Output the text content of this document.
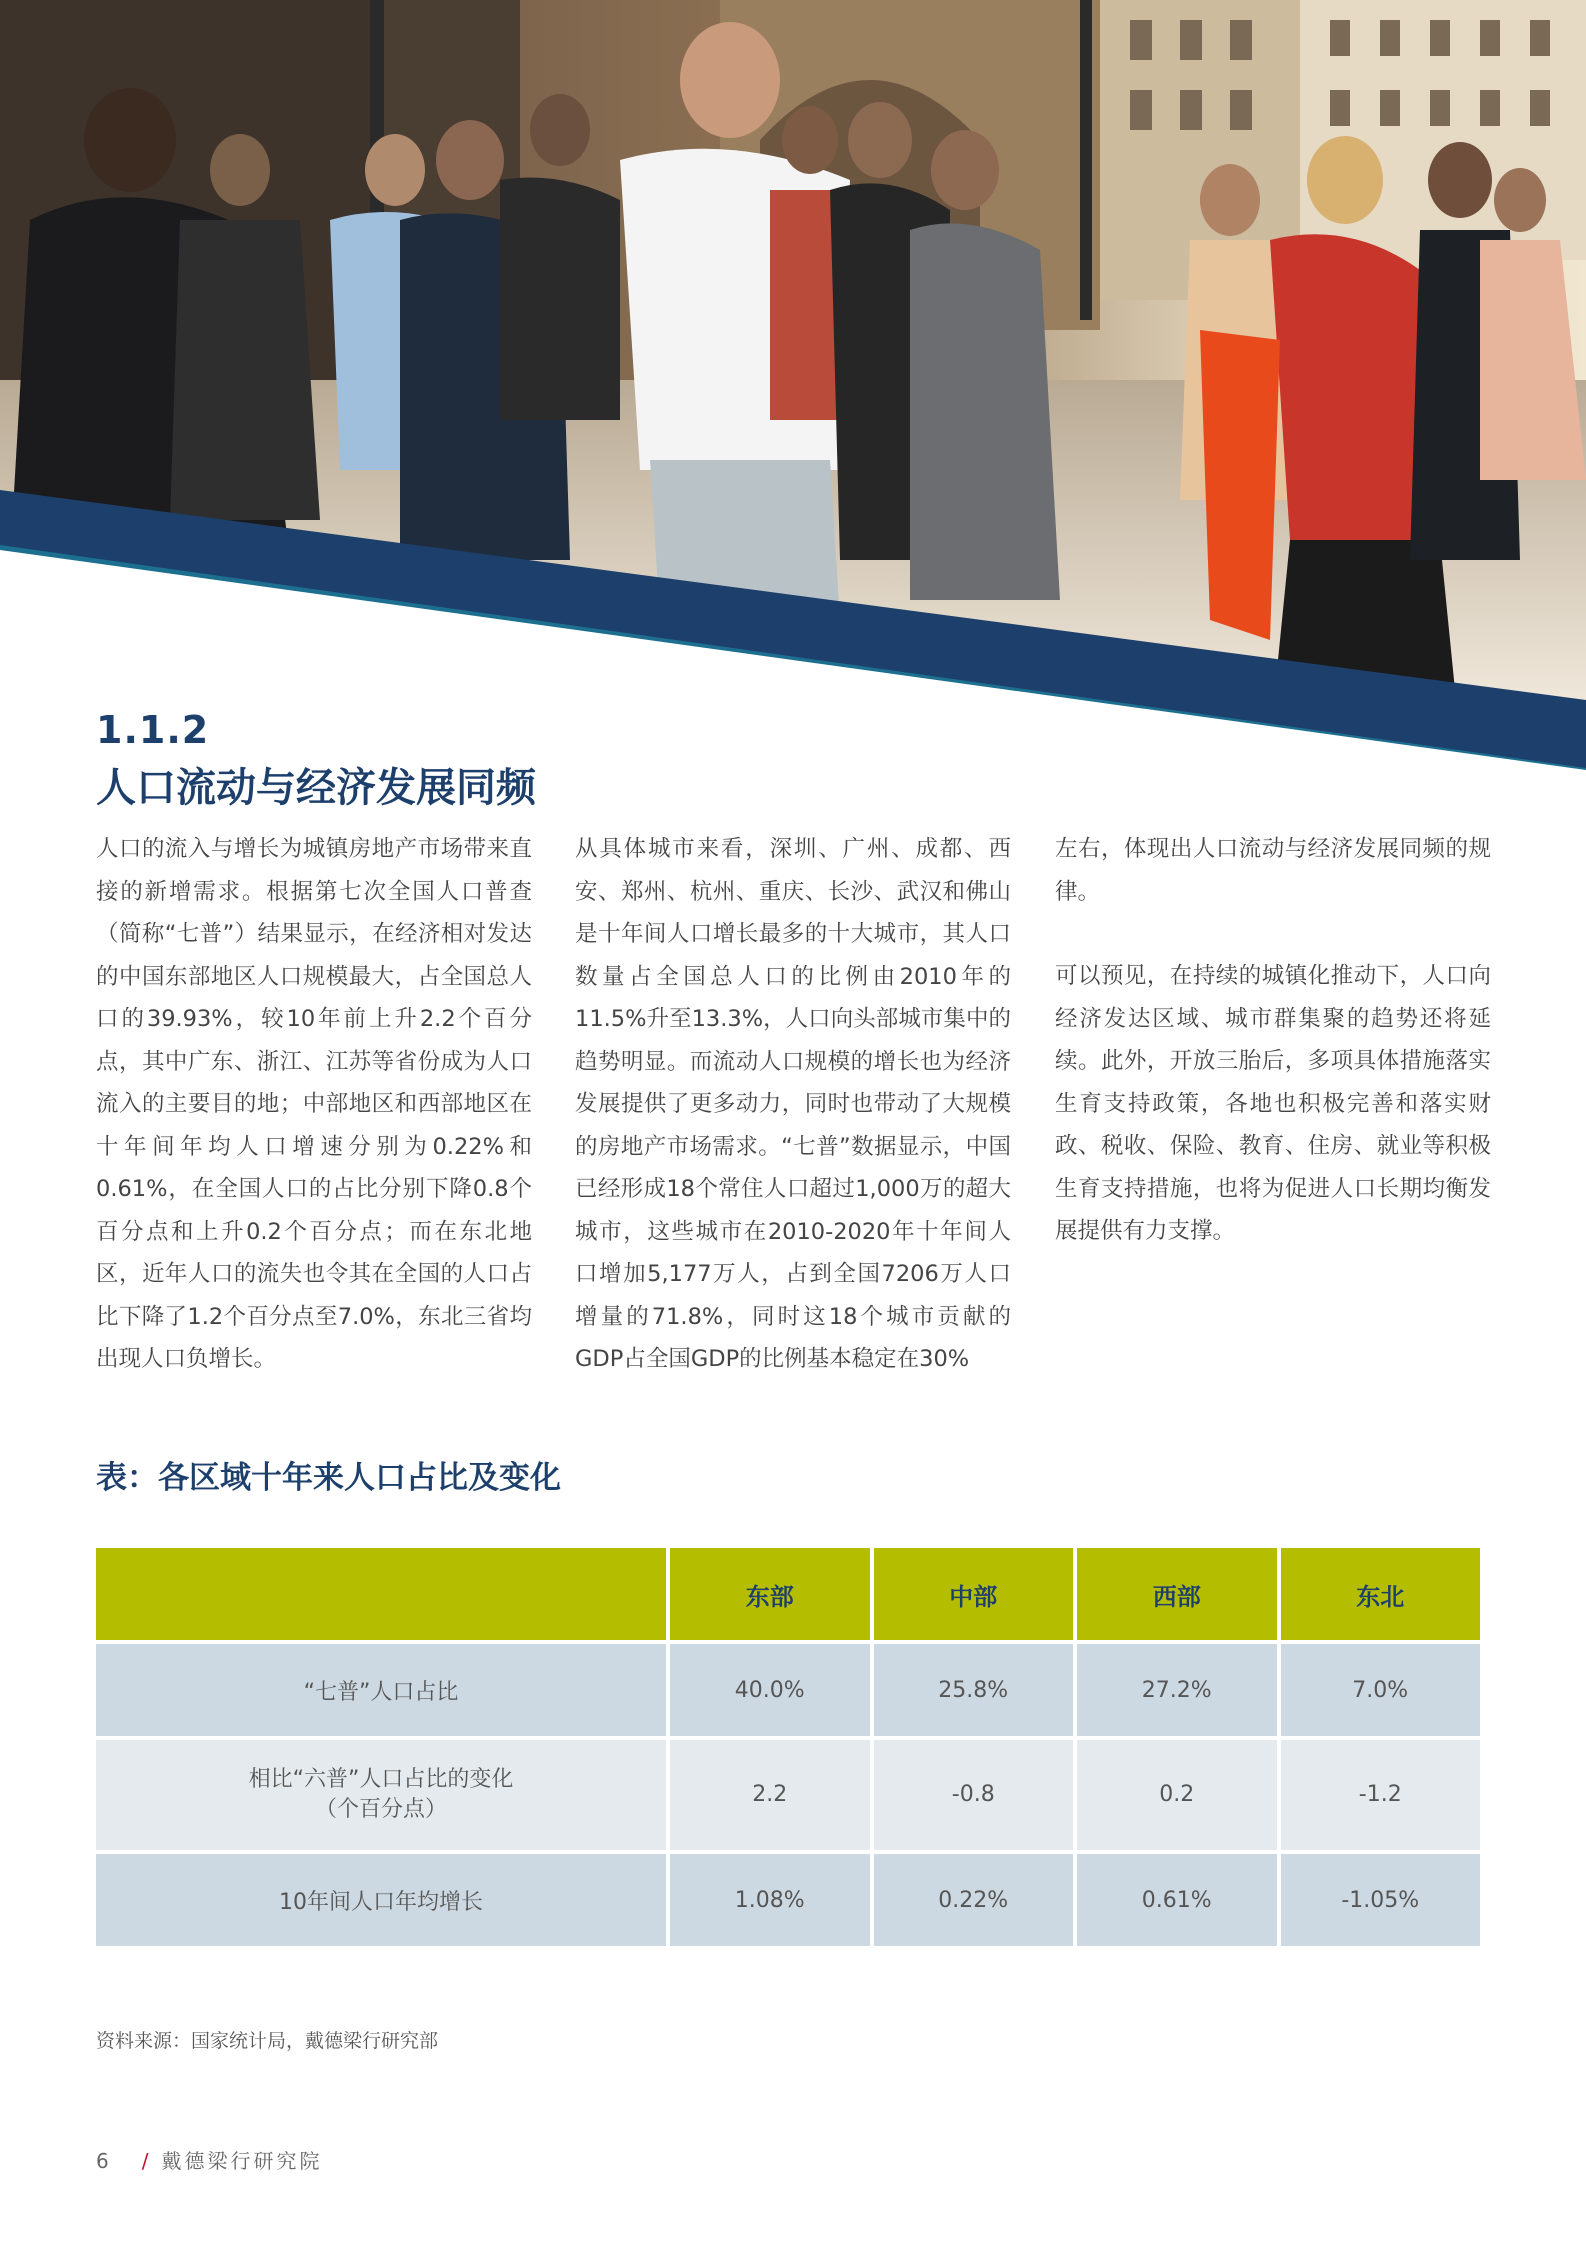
1.1.2
人口流动与经济发展同频

人口的流入与增长为城镇房地产市场带来直接的新增需求。根据第七次全国人口普查（简称“七普”）结果显示，在经济相对发达的中国东部地区人口规模最大，占全国总人口的39.93%，较10年前上升2.2个百分点，其中广东、浙江、江苏等省份成为人口流入的主要目的地；中部地区和西部地区在十年间年均人口增速分别为0.22%和0.61%，在全国人口的占比分别下降0.8个百分点和上升0.2个百分点；而在东北地区，近年人口的流失也令其在全国的人口占比下降了1.2个百分点至7.0%，东北三省均出现人口负增长。

从具体城市来看，深圳、广州、成都、西安、郑州、杭州、重庆、长沙、武汉和佛山是十年间人口增长最多的十大城市，其人口数量占全国总人口的比例由2010年的11.5%升至13.3%，人口向头部城市集中的趋势明显。而流动人口规模的增长也为经济发展提供了更多动力，同时也带动了大规模的房地产市场需求。“七普”数据显示，中国已经形成18个常住人口超过1,000万的超大城市，这些城市在2010-2020年十年间人口增加5,177万人，占到全国7206万人口增量的71.8%，同时这18个城市贡献的GDP占全国GDP的比例基本稳定在30%

左右，体现出人口流动与经济发展同频的规律。

可以预见，在持续的城镇化推动下，人口向经济发达区域、城市群集聚的趋势还将延续。此外，开放三胎后，多项具体措施落实生育支持政策，各地也积极完善和落实财政、税收、保险、教育、住房、就业等积极生育支持措施，也将为促进人口长期均衡发展提供有力支撑。

表：各区域十年来人口占比及变化
	东部	中部	西部	东北
“七普”人口占比	40.0%	25.8%	27.2%	7.0%

相比“六普”人口占比的变化
（个百分点）	2.2	-0.8	0.2	-1.2
10年间人口年均增长	1.08%	0.22%	0.61%	-1.05%
资料来源：国家统计局，戴德梁行研究部
6 / 戴德梁行研究院
